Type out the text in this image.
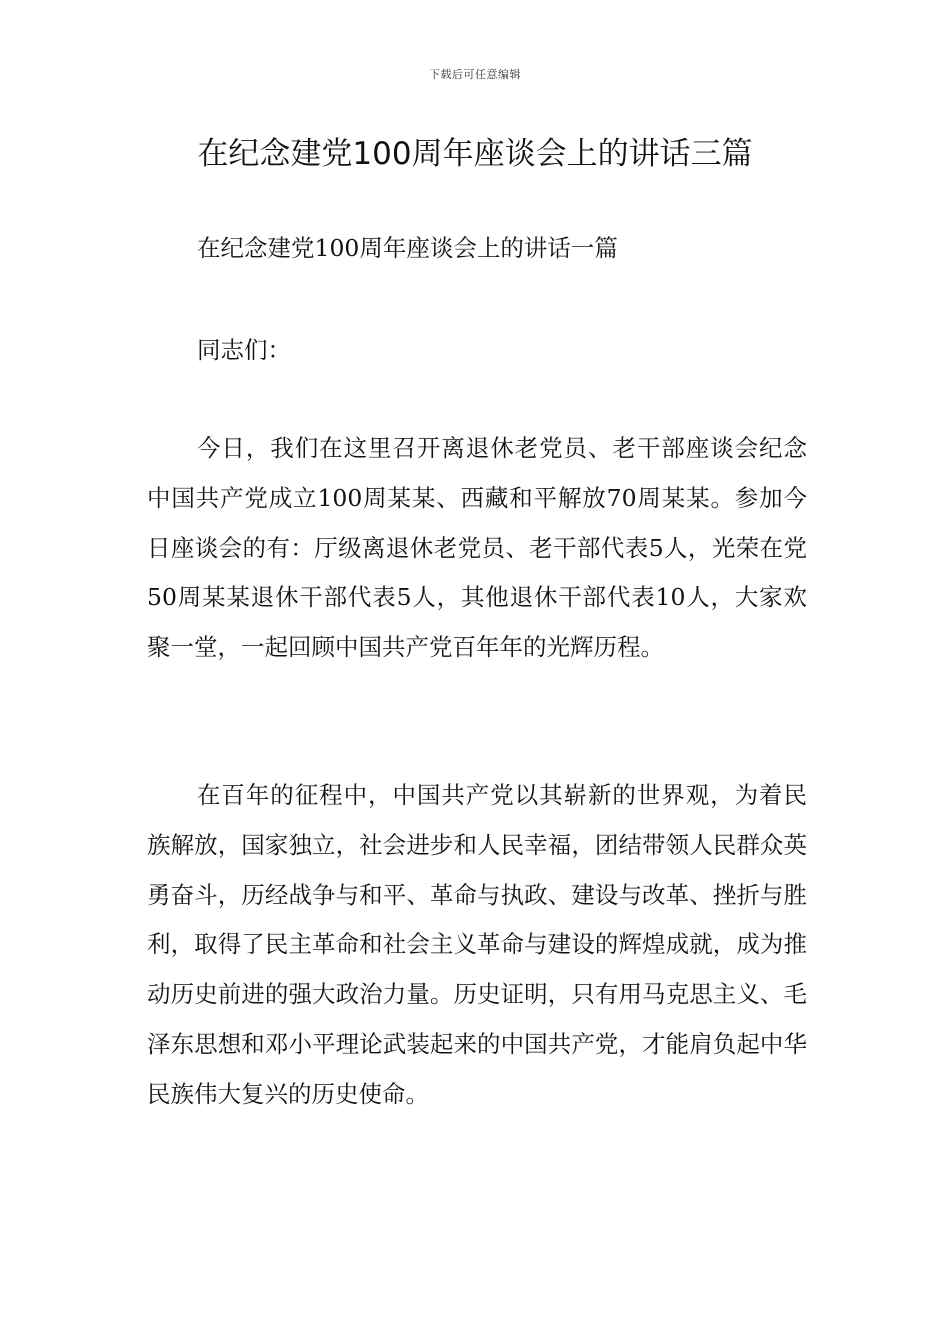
下载后可任意编辑
在纪念建党100周年座谈会上的讲话三篇

在纪念建党100周年座谈会上的讲话一篇

同志们：

今日，我们在这里召开离退休老党员、老干部座谈会纪念中国共产党成立100周某某、西藏和平解放70周某某。参加今日座谈会的有：厅级离退休老党员、老干部代表5人，光荣在党50周某某退休干部代表5人，其他退休干部代表10人，大家欢聚一堂，一起回顾中国共产党百年年的光辉历程。

在百年的征程中，中国共产党以其崭新的世界观，为着民族解放，国家独立，社会进步和人民幸福，团结带领人民群众英勇奋斗，历经战争与和平、革命与执政、建设与改革、挫折与胜利，取得了民主革命和社会主义革命与建设的辉煌成就，成为推动历史前进的强大政治力量。历史证明，只有用马克思主义、毛泽东思想和邓小平理论武装起来的中国共产党，才能肩负起中华民族伟大复兴的历史使命。
